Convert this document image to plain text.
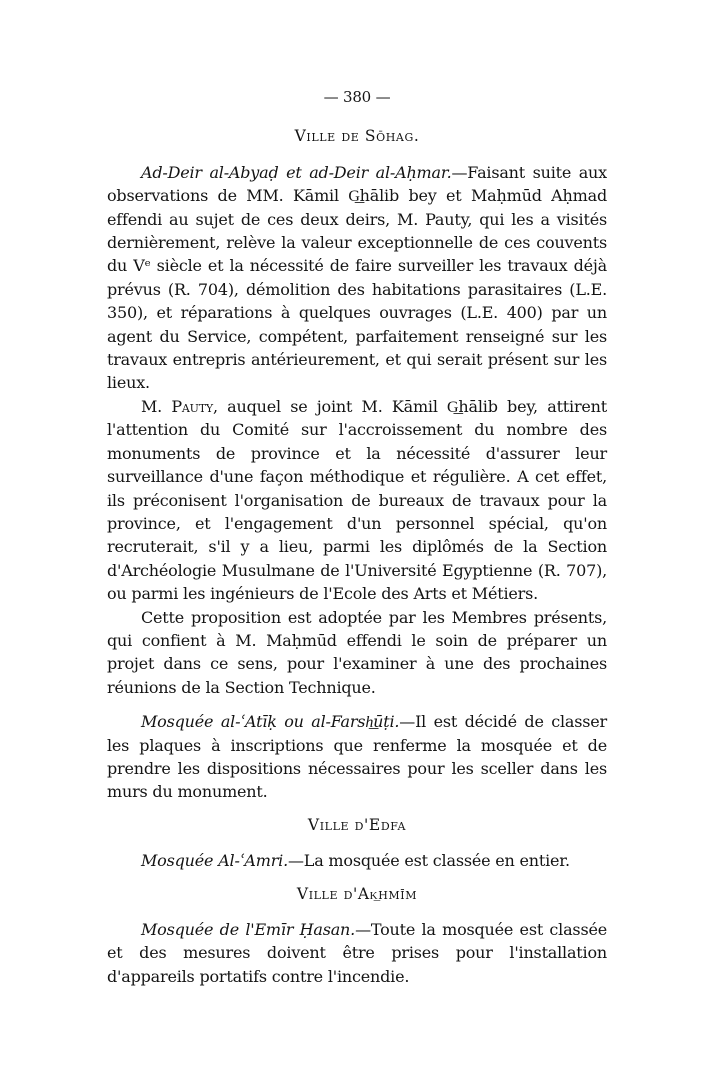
— 380 —
Ville de Sōhag.

Ad-Deir al-Abyaḍ et ad-Deir al-Aḥmar.—Faisant suite aux observations de MM. Kāmil G͟hālib bey et Maḥmūd Aḥmad effendi au sujet de ces deux deirs, M. Pauty, qui les a visités dernièrement, relève la valeur exceptionnelle de ces couvents du Vᵉ siècle et la nécessité de faire surveiller les travaux déjà prévus (R. 704), démolition des habitations parasitaires (L.E. 350), et réparations à quelques ouvrages (L.E. 400) par un agent du Service, compétent, parfaitement renseigné sur les travaux entrepris antérieurement, et qui serait présent sur les lieux.

M. Pauty, auquel se joint M. Kāmil G͟hālib bey, attirent l'attention du Comité sur l'accroissement du nombre des monuments de province et la nécessité d'assurer leur surveillance d'une façon méthodique et régulière. A cet effet, ils préconisent l'organisation de bureaux de travaux pour la province, et l'engagement d'un personnel spécial, qu'on recruterait, s'il y a lieu, parmi les diplômés de la Section d'Archéologie Musulmane de l'Université Egyptienne (R. 707), ou parmi les ingénieurs de l'Ecole des Arts et Métiers.

Cette proposition est adoptée par les Membres présents, qui confient à M. Maḥmūd effendi le soin de préparer un projet dans ce sens, pour l'examiner à une des prochaines réunions de la Section Technique.

Mosquée al-ʿAtīḳ ou al-Farsh͟ūṭi.—Il est décidé de classer les plaques à inscriptions que renferme la mosquée et de prendre les dispositions nécessaires pour les sceller dans les murs du monument.

Ville d'Edfa

Mosquée Al-ʿAmri.—La mosquée est classée en entier.

Ville d'Ak͟hmīm

Mosquée de l'Emīr Ḥasan.—Toute la mosquée est classée et des mesures doivent être prises pour l'installation d'appareils portatifs contre l'incendie.
